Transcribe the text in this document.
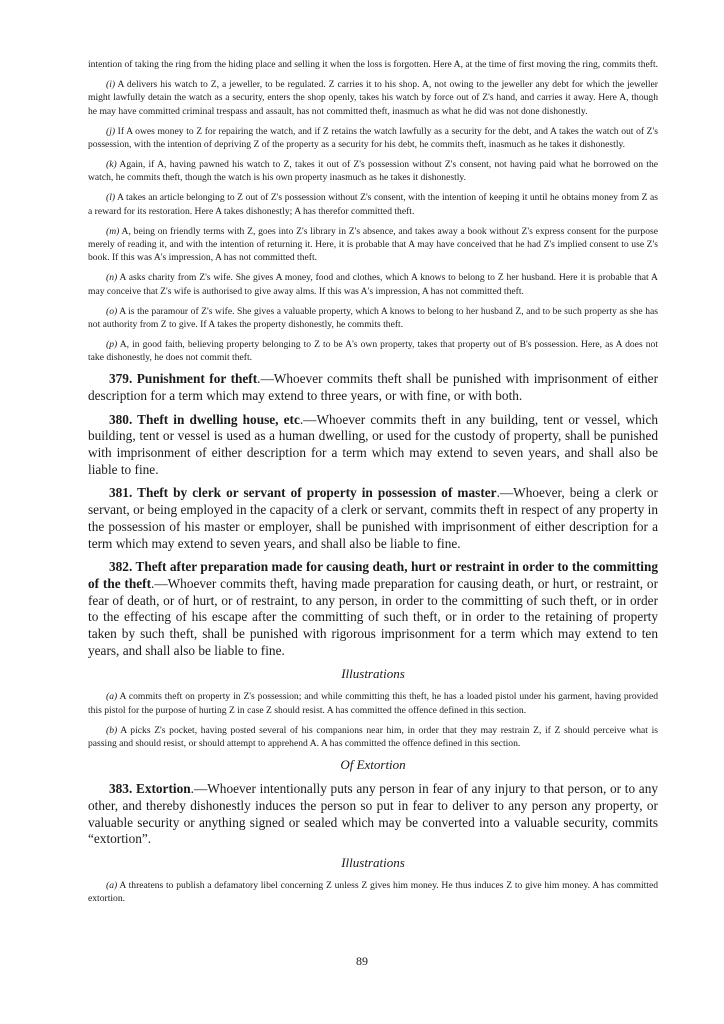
intention of taking the ring from the hiding place and selling it when the loss is forgotten. Here A, at the time of first moving the ring, commits theft.

(i) A delivers his watch to Z, a jeweller, to be regulated. Z carries it to his shop. A, not owing to the jeweller any debt for which the jeweller might lawfully detain the watch as a security, enters the shop openly, takes his watch by force out of Z's hand, and carries it away. Here A, though he may have committed criminal trespass and assault, has not committed theft, inasmuch as what he did was not done dishonestly.

(j) If A owes money to Z for repairing the watch, and if Z retains the watch lawfully as a security for the debt, and A takes the watch out of Z's possession, with the intention of depriving Z of the property as a security for his debt, he commits theft, inasmuch as he takes it dishonestly.

(k) Again, if A, having pawned his watch to Z, takes it out of Z's possession without Z's consent, not having paid what he borrowed on the watch, he commits theft, though the watch is his own property inasmuch as he takes it dishonestly.

(l) A takes an article belonging to Z out of Z's possession without Z's consent, with the intention of keeping it until he obtains money from Z as a reward for its restoration. Here A takes dishonestly; A has therefor committed theft.

(m) A, being on friendly terms with Z, goes into Z's library in Z's absence, and takes away a book without Z's express consent for the purpose merely of reading it, and with the intention of returning it. Here, it is probable that A may have conceived that he had Z's implied consent to use Z's book. If this was A's impression, A has not committed theft.

(n) A asks charity from Z's wife. She gives A money, food and clothes, which A knows to belong to Z her husband. Here it is probable that A may conceive that Z's wife is authorised to give away alms. If this was A's impression, A has not committed theft.

(o) A is the paramour of Z's wife. She gives a valuable property, which A knows to belong to her husband Z, and to be such property as she has not authority from Z to give. If A takes the property dishonestly, he commits theft.

(p) A, in good faith, believing property belonging to Z to be A's own property, takes that property out of B's possession. Here, as A does not take dishonestly, he does not commit theft.

379. Punishment for theft.—Whoever commits theft shall be punished with imprisonment of either description for a term which may extend to three years, or with fine, or with both.

380. Theft in dwelling house, etc.—Whoever commits theft in any building, tent or vessel, which building, tent or vessel is used as a human dwelling, or used for the custody of property, shall be punished with imprisonment of either description for a term which may extend to seven years, and shall also be liable to fine.

381. Theft by clerk or servant of property in possession of master.—Whoever, being a clerk or servant, or being employed in the capacity of a clerk or servant, commits theft in respect of any property in the possession of his master or employer, shall be punished with imprisonment of either description for a term which may extend to seven years, and shall also be liable to fine.

382. Theft after preparation made for causing death, hurt or restraint in order to the committing of the theft.—Whoever commits theft, having made preparation for causing death, or hurt, or restraint, or fear of death, or of hurt, or of restraint, to any person, in order to the committing of such theft, or in order to the effecting of his escape after the committing of such theft, or in order to the retaining of property taken by such theft, shall be punished with rigorous imprisonment for a term which may extend to ten years, and shall also be liable to fine.

Illustrations

(a) A commits theft on property in Z's possession; and while committing this theft, he has a loaded pistol under his garment, having provided this pistol for the purpose of hurting Z in case Z should resist. A has committed the offence defined in this section.

(b) A picks Z's pocket, having posted several of his companions near him, in order that they may restrain Z, if Z should perceive what is passing and should resist, or should attempt to apprehend A. A has committed the offence defined in this section.

Of Extortion

383. Extortion.—Whoever intentionally puts any person in fear of any injury to that person, or to any other, and thereby dishonestly induces the person so put in fear to deliver to any person any property, or valuable security or anything signed or sealed which may be converted into a valuable security, commits “extortion”.

Illustrations

(a) A threatens to publish a defamatory libel concerning Z unless Z gives him money. He thus induces Z to give him money. A has committed extortion.

89
